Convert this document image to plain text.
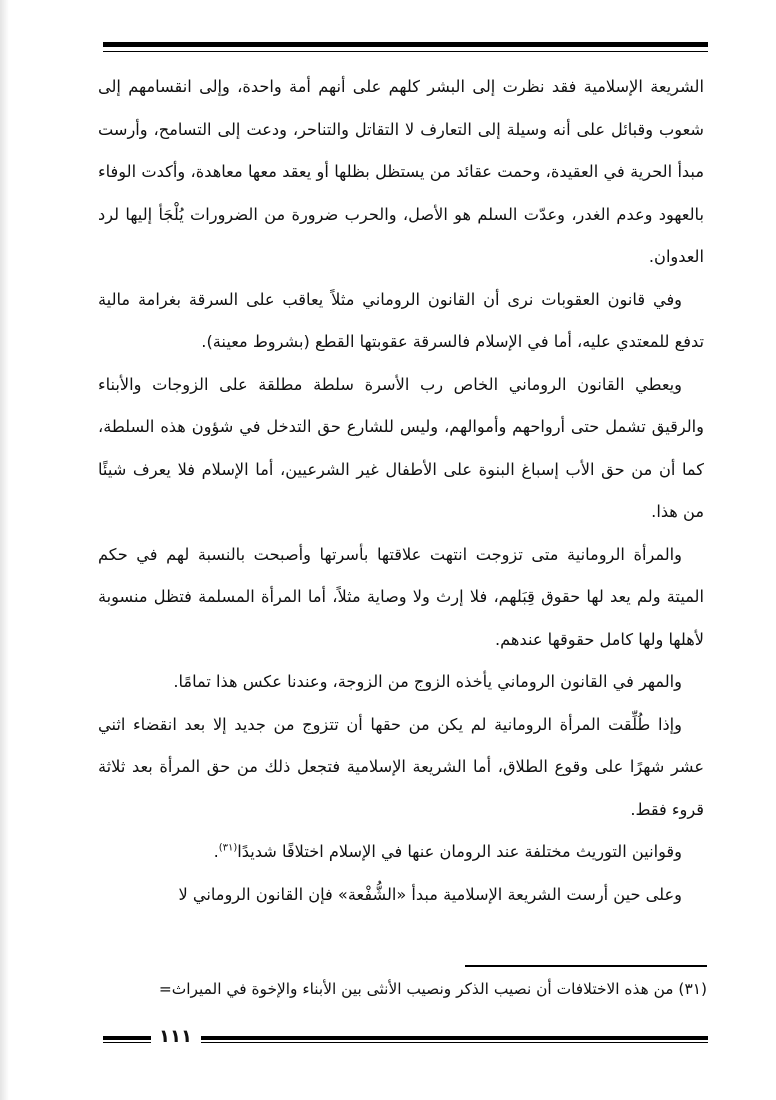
الشريعة الإسلامية فقد نظرت إلى البشر كلهم على أنهم أمة واحدة، وإلى انقسامهم إلى شعوب وقبائل على أنه وسيلة إلى التعارف لا التقاتل والتناحر، ودعت إلى التسامح، وأرست مبدأ الحرية في العقيدة، وحمت عقائد من يستظل بظلها أو يعقد معها معاهدة، وأكدت الوفاء بالعهود وعدم الغدر، وعدّت السلم هو الأصل، والحرب ضرورة من الضرورات يُلْجَأ إليها لرد العدوان.

وفي قانون العقوبات نرى أن القانون الروماني مثلاً يعاقب على السرقة بغرامة مالية تدفع للمعتدي عليه، أما في الإسلام فالسرقة عقوبتها القطع (بشروط معينة).

ويعطي القانون الروماني الخاص رب الأسرة سلطة مطلقة على الزوجات والأبناء والرقيق تشمل حتى أرواحهم وأموالهم، وليس للشارع حق التدخل في شؤون هذه السلطة، كما أن من حق الأب إسباغ البنوة على الأطفال غير الشرعيين، أما الإسلام فلا يعرف شيئًا من هذا.

والمرأة الرومانية متى تزوجت انتهت علاقتها بأسرتها وأصبحت بالنسبة لهم في حكم الميتة ولم يعد لها حقوق قِبَلهم، فلا إرث ولا وصاية مثلاً، أما المرأة المسلمة فتظل منسوبة لأهلها ولها كامل حقوقها عندهم.

والمهر في القانون الروماني يأخذه الزوج من الزوجة، وعندنا عكس هذا تمامًا.

وإذا طُلِّقت المرأة الرومانية لم يكن من حقها أن تتزوج من جديد إلا بعد انقضاء اثني عشر شهرًا على وقوع الطلاق، أما الشريعة الإسلامية فتجعل ذلك من حق المرأة بعد ثلاثة قروء فقط.

وقوانين التوريث مختلفة عند الرومان عنها في الإسلام اختلافًا شديدًا$^{(٣١)}$.

وعلى حين أرست الشريعة الإسلامية مبدأ «الشُّفْعة» فإن القانون الروماني لا

(٣١) من هذه الاختلافات أن نصيب الذكر ونصيب الأنثى بين الأبناء والإخوة في الميراث=

١١١
